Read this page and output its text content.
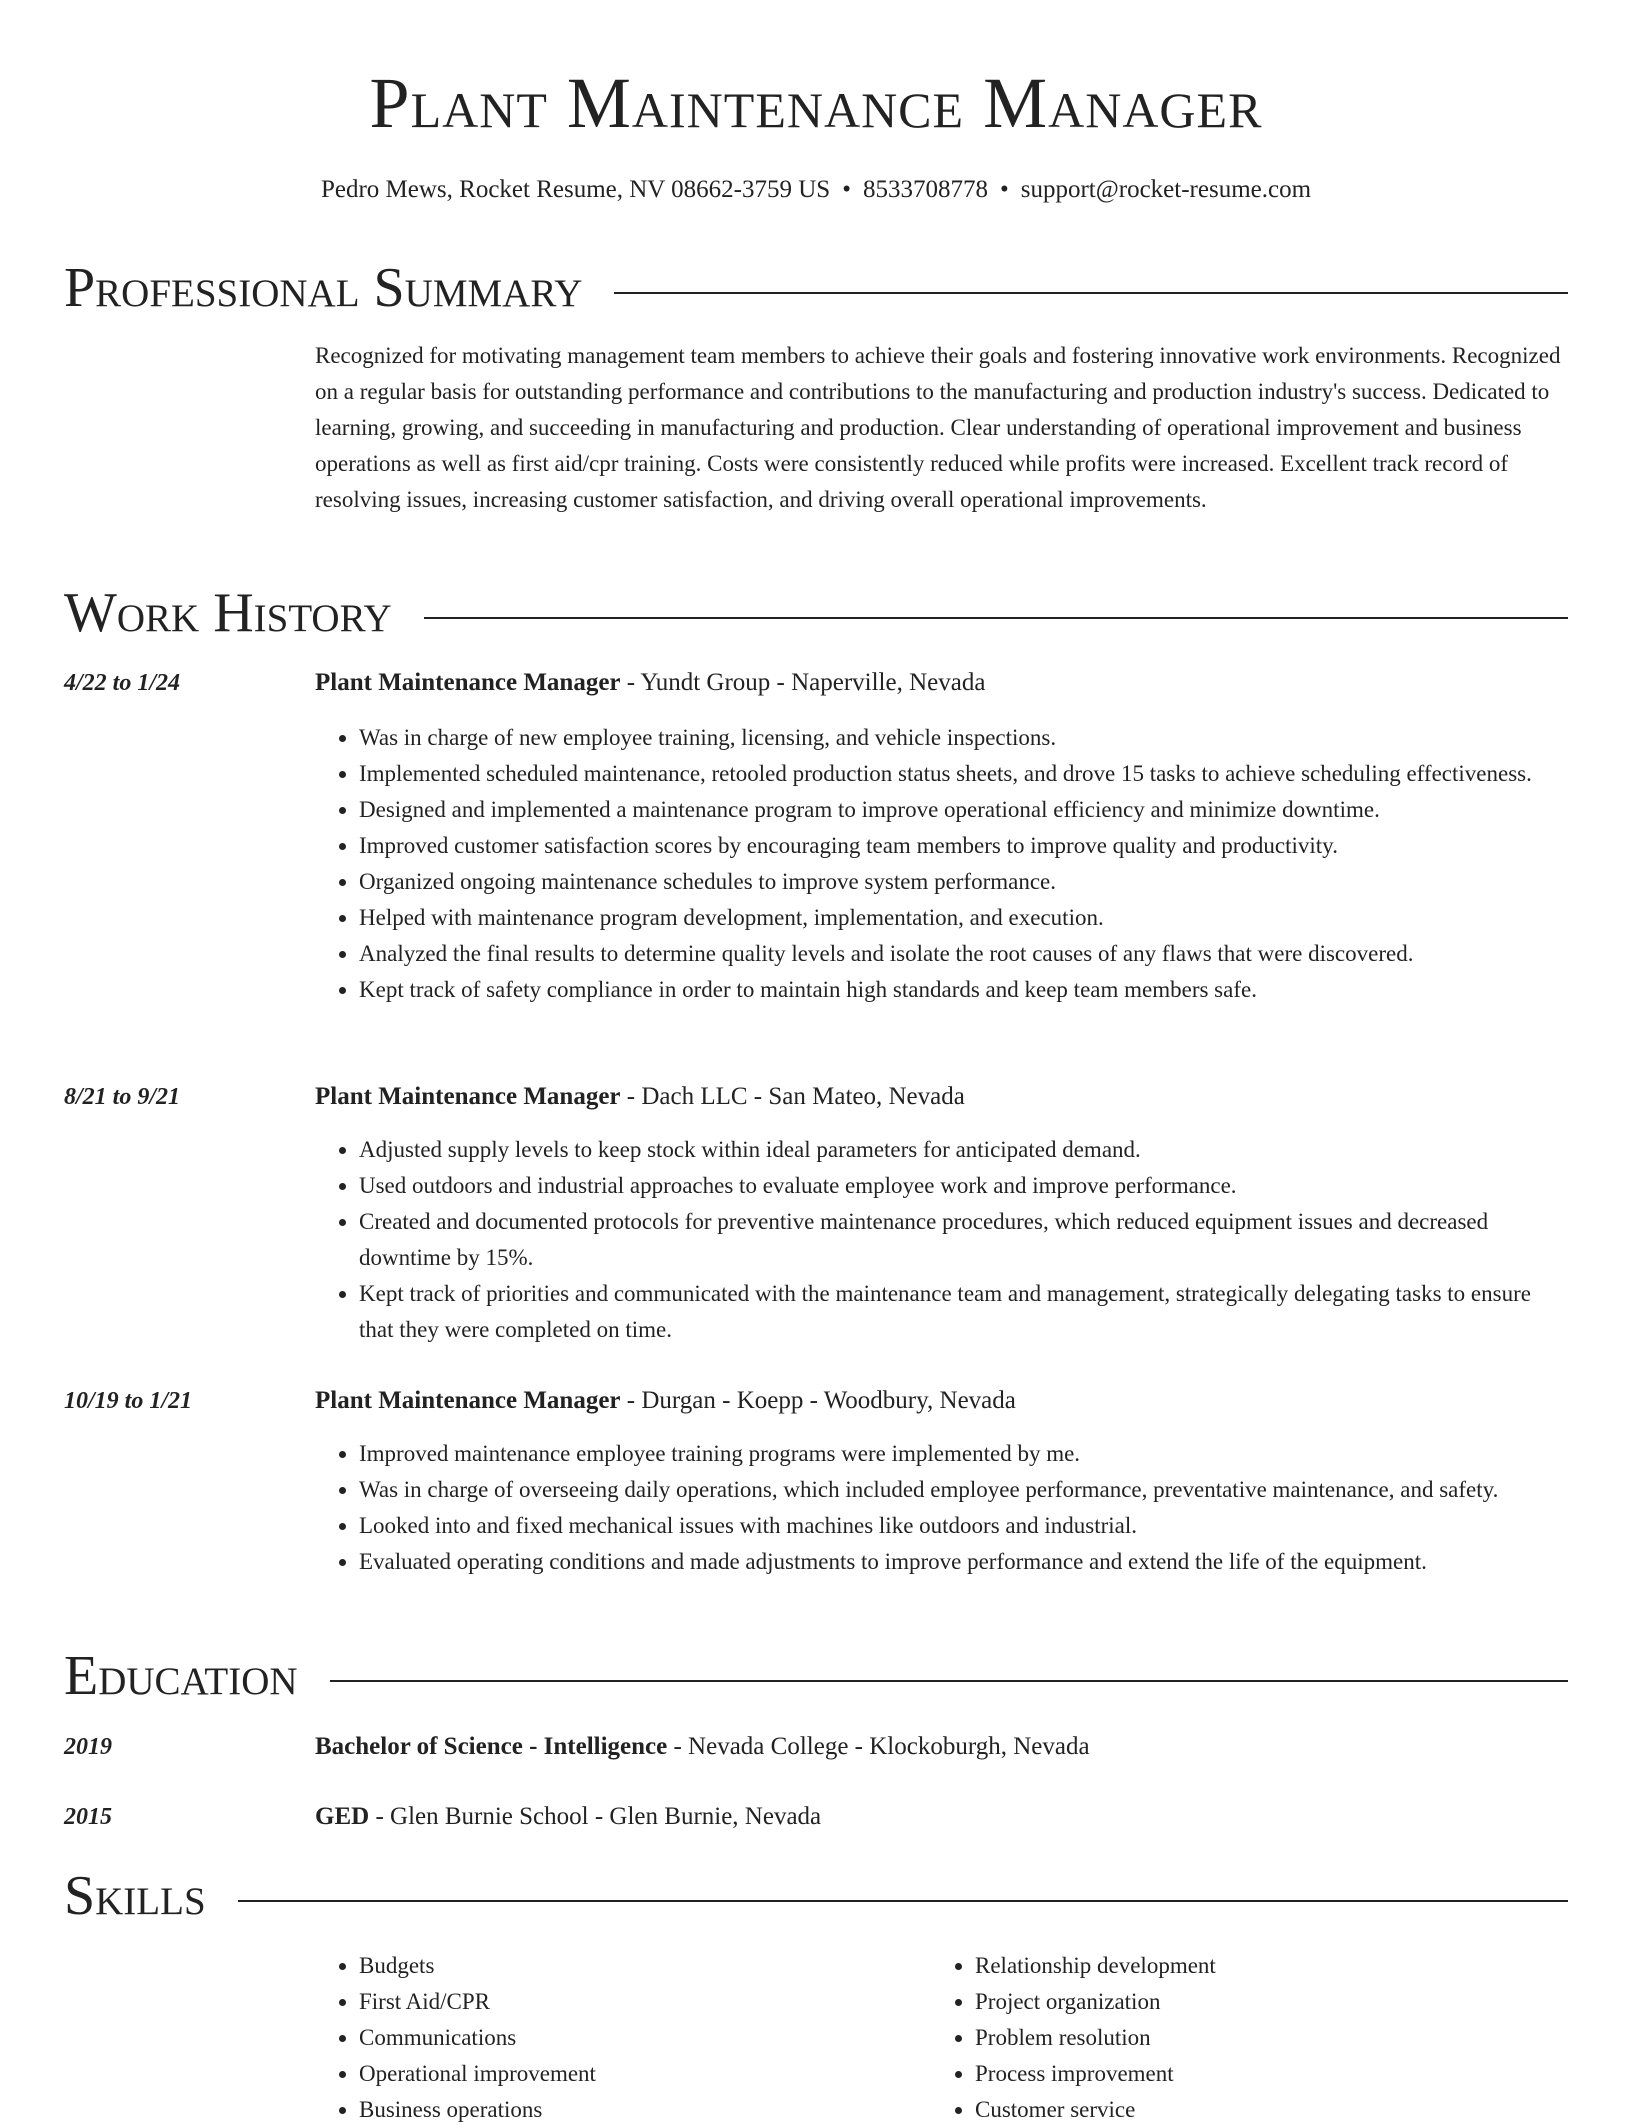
Plant Maintenance Manager
Pedro Mews, Rocket Resume, NV 08662-3759 US • 8533708778 • support@rocket-resume.com
Professional Summary
Recognized for motivating management team members to achieve their goals and fostering innovative work environments. Recognized on a regular basis for outstanding performance and contributions to the manufacturing and production industry's success. Dedicated to learning, growing, and succeeding in manufacturing and production. Clear understanding of operational improvement and business operations as well as first aid/cpr training. Costs were consistently reduced while profits were increased. Excellent track record of resolving issues, increasing customer satisfaction, and driving overall operational improvements.
Work History
4/22 to 1/24	Plant Maintenance Manager - Yundt Group - Naperville, Nevada
• Was in charge of new employee training, licensing, and vehicle inspections.
• Implemented scheduled maintenance, retooled production status sheets, and drove 15 tasks to achieve scheduling effectiveness.
• Designed and implemented a maintenance program to improve operational efficiency and minimize downtime.
• Improved customer satisfaction scores by encouraging team members to improve quality and productivity.
• Organized ongoing maintenance schedules to improve system performance.
• Helped with maintenance program development, implementation, and execution.
• Analyzed the final results to determine quality levels and isolate the root causes of any flaws that were discovered.
• Kept track of safety compliance in order to maintain high standards and keep team members safe.
8/21 to 9/21	Plant Maintenance Manager - Dach LLC - San Mateo, Nevada
• Adjusted supply levels to keep stock within ideal parameters for anticipated demand.
• Used outdoors and industrial approaches to evaluate employee work and improve performance.
• Created and documented protocols for preventive maintenance procedures, which reduced equipment issues and decreased downtime by 15%.
• Kept track of priorities and communicated with the maintenance team and management, strategically delegating tasks to ensure that they were completed on time.
10/19 to 1/21	Plant Maintenance Manager - Durgan - Koepp - Woodbury, Nevada
• Improved maintenance employee training programs were implemented by me.
• Was in charge of overseeing daily operations, which included employee performance, preventative maintenance, and safety.
• Looked into and fixed mechanical issues with machines like outdoors and industrial.
• Evaluated operating conditions and made adjustments to improve performance and extend the life of the equipment.
Education
2019	Bachelor of Science - Intelligence - Nevada College - Klockoburgh, Nevada
2015	GED - Glen Burnie School - Glen Burnie, Nevada
Skills
• Budgets
• First Aid/CPR
• Communications
• Operational improvement
• Business operations
• Relationship development
• Project organization
• Problem resolution
• Process improvement
• Customer service
